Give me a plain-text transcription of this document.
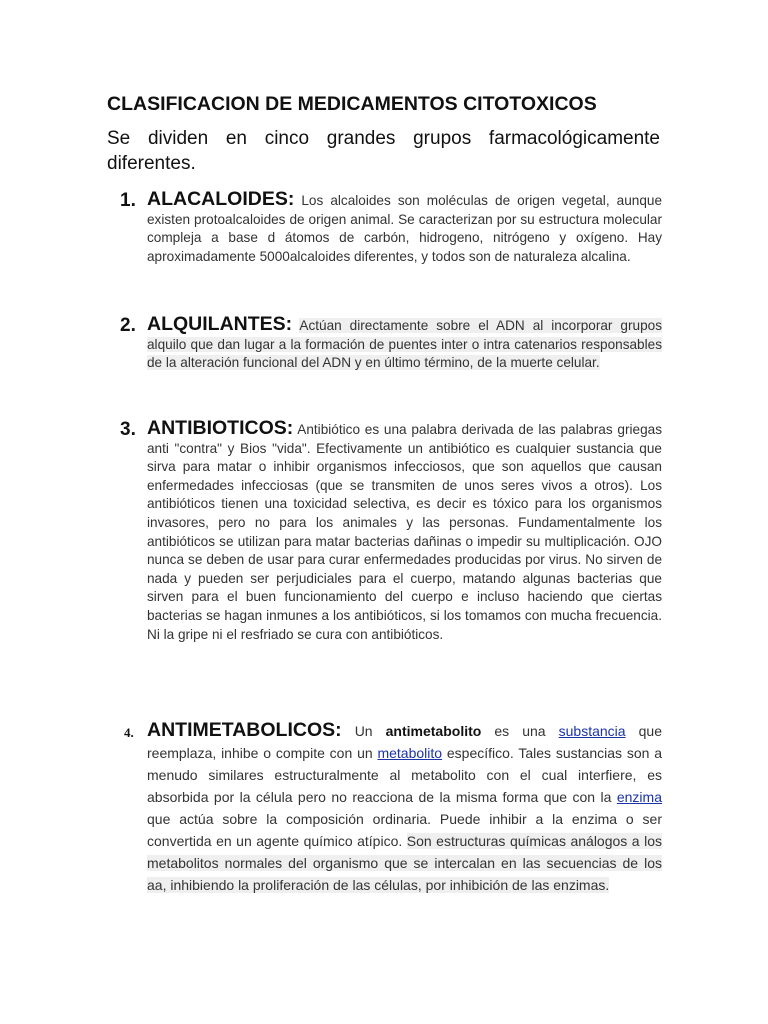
CLASIFICACION DE MEDICAMENTOS CITOTOXICOS

Se dividen en cinco grandes grupos farmacológicamente diferentes.

1. ALACALOIDES: Los alcaloides son moléculas de origen vegetal, aunque existen protoalcaloides de origen animal. Se caracterizan por su estructura molecular compleja a base d átomos de carbón, hidrogeno, nitrógeno y oxígeno. Hay aproximadamente 5000alcaloides diferentes, y todos son de naturaleza alcalina.
2. ALQUILANTES: Actúan directamente sobre el ADN al incorporar grupos alquilo que dan lugar a la formación de puentes inter o intra catenarios responsables de la alteración funcional del ADN y en último término, de la muerte celular.
3. ANTIBIOTICOS: Antibiótico es una palabra derivada de las palabras griegas anti "contra" y Bios "vida". Efectivamente un antibiótico es cualquier sustancia que sirva para matar o inhibir organismos infecciosos, que son aquellos que causan enfermedades infecciosas (que se transmiten de unos seres vivos a otros). Los antibióticos tienen una toxicidad selectiva, es decir es tóxico para los organismos invasores, pero no para los animales y las personas. Fundamentalmente los antibióticos se utilizan para matar bacterias dañinas o impedir su multiplicación. OJO nunca se deben de usar para curar enfermedades producidas por virus. No sirven de nada y pueden ser perjudiciales para el cuerpo, matando algunas bacterias que sirven para el buen funcionamiento del cuerpo e incluso haciendo que ciertas bacterias se hagan inmunes a los antibióticos, si los tomamos con mucha frecuencia. Ni la gripe ni el resfriado se cura con antibióticos.
4. ANTIMETABOLICOS: Un antimetabolito es una substancia que reemplaza, inhibe o compite con un metabolito específico. Tales sustancias son a menudo similares estructuralmente al metabolito con el cual interfiere, es absorbida por la célula pero no reacciona de la misma forma que con la enzima que actúa sobre la composición ordinaria. Puede inhibir a la enzima o ser convertida en un agente químico atípico. Son estructuras químicas análogos a los metabolitos normales del organismo que se intercalan en las secuencias de los aa, inhibiendo la proliferación de las células, por inhibición de las enzimas.
